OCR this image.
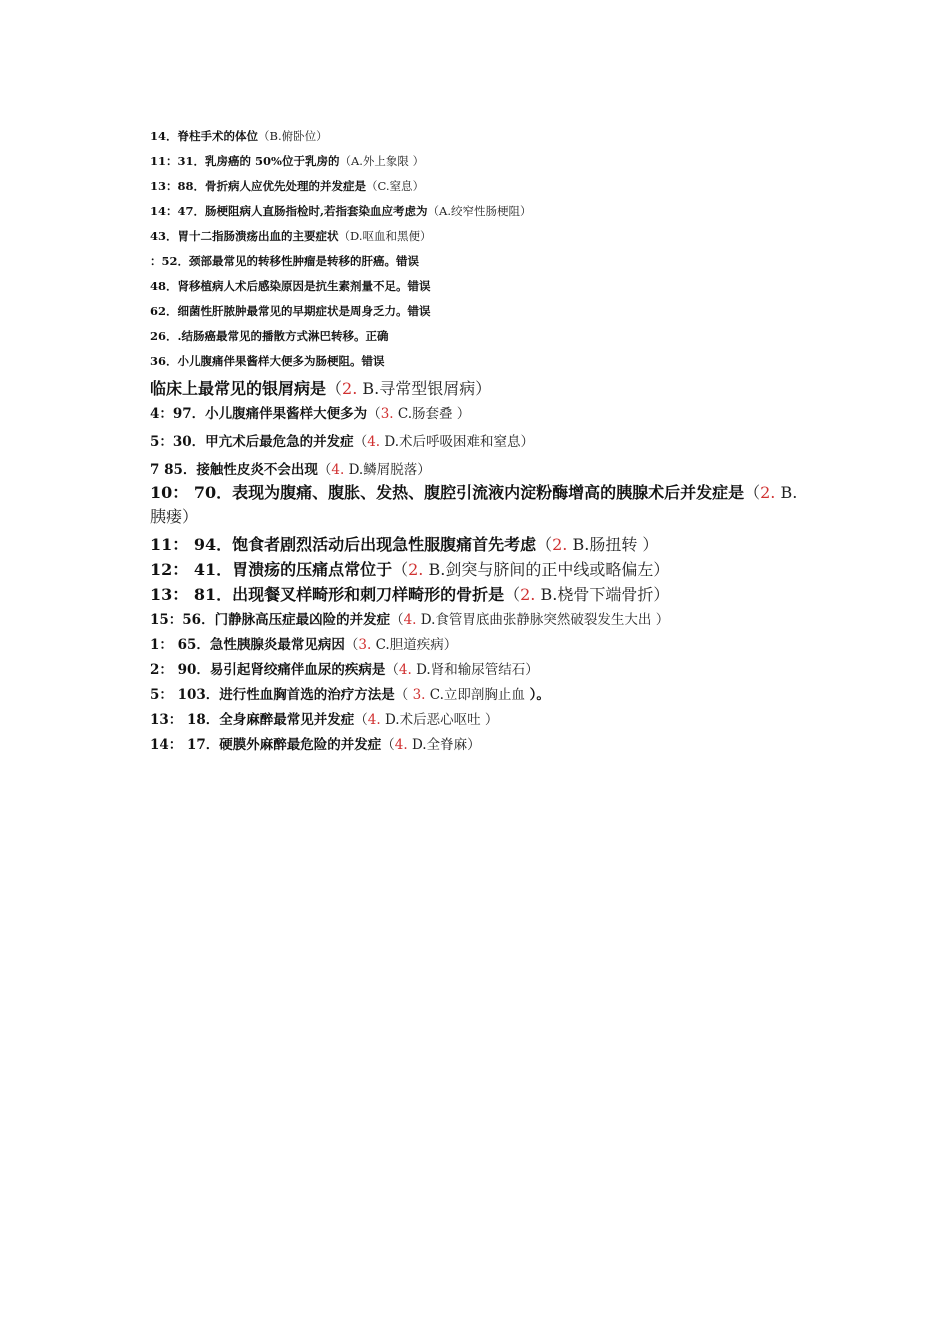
14．脊柱手术的体位（B.俯卧位）
11：31．乳房癌的 50%位于乳房的（A.外上象限 ）
13：88．骨折病人应优先处理的并发症是（C.窒息）
14：47．肠梗阻病人直肠指检时,若指套染血应考虑为（A.绞窄性肠梗阻）
43．胃十二指肠溃疡出血的主要症状（D.呕血和黑便）
：52．颈部最常见的转移性肿瘤是转移的肝癌。错误
48．肾移植病人术后感染原因是抗生素剂量不足。错误
62．细菌性肝脓肿最常见的早期症状是周身乏力。错误
26．.结肠癌最常见的播散方式淋巴转移。正确
36．小儿腹痛伴果酱样大便多为肠梗阻。错误
临床上最常见的银屑病是（2. B.寻常型银屑病）
4：97．小儿腹痛伴果酱样大便多为（3. C.肠套叠 ）
5：30．甲亢术后最危急的并发症（4. D.术后呼吸困难和窒息）
7 85．接触性皮炎不会出现（4. D.鳞屑脱落）
10： 70．表现为腹痛、腹胀、发热、腹腔引流液内淀粉酶增高的胰腺术后并发症是（2. B.胰瘘）
11： 94．饱食者剧烈活动后出现急性服腹痛首先考虑（2. B.肠扭转 ）
12： 41．胃溃疡的压痛点常位于（2. B.剑突与脐间的正中线或略偏左）
13： 81．出现餐叉样畸形和刺刀样畸形的骨折是（2. B.桡骨下端骨折）
15：56．门静脉高压症最凶险的并发症（4. D.食管胃底曲张静脉突然破裂发生大出 ）
1： 65．急性胰腺炎最常见病因（3. C.胆道疾病）
2： 90．易引起肾绞痛伴血尿的疾病是（4. D.肾和输尿管结石）
5： 103．进行性血胸首选的治疗方法是（ 3. C.立即剖胸止血 ）。
13： 18．全身麻醉最常见并发症（4. D.术后恶心呕吐 ）
14： 17．硬膜外麻醉最危险的并发症（4. D.全脊麻）
